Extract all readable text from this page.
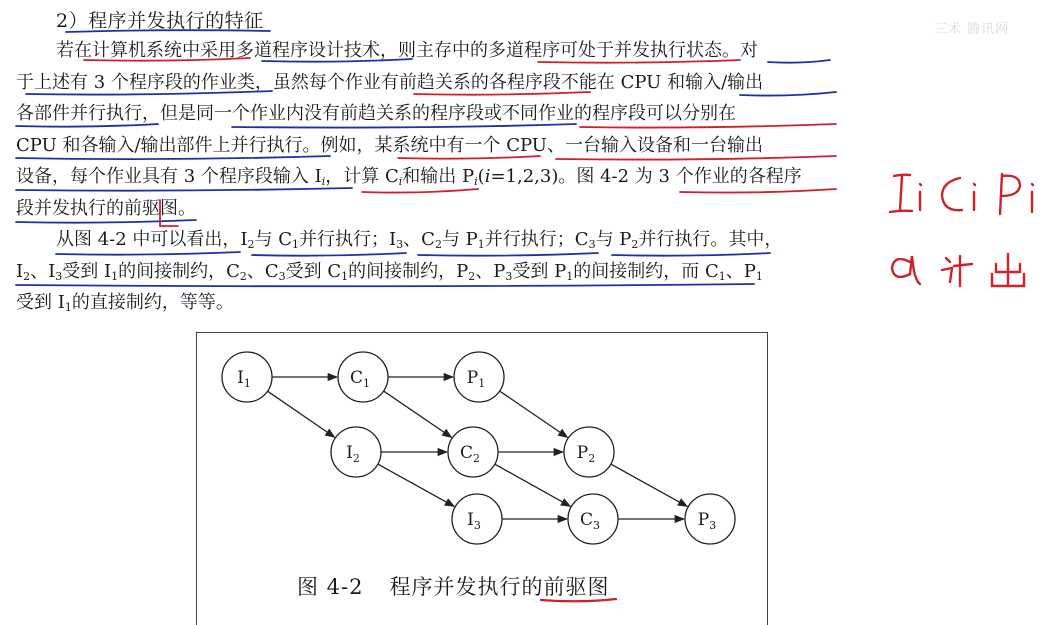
2）程序并发执行的特征	三术 腾讯网
若在计算机系统中采用多道程序设计技术，则主存中的多道程序可处于并发执行状态。对
于上述有 3 个程序段的作业类，虽然每个作业有前趋关系的各程序段不能在 CPU 和输入/输出
各部件并行执行，但是同一个作业内没有前趋关系的程序段或不同作业的程序段可以分别在
CPU 和各输入/输出部件上并行执行。例如，某系统中有一个 CPU、一台输入设备和一台输出
设备，每个作业具有 3 个程序段输入 $I_i$，计算 $C_i$和输出 $P_i(i=1,2,3)$。图 4-2 为 3 个作业的各程序
段并发执行的前驱图。
从图 4-2 中可以看出，$I_2$与 $C_1$并行执行；$I_3$、$C_2$与 $P_1$并行执行；$C_3$与 $P_2$并行执行。其中，
$I_2$、$I_3$受到 $I_1$的间接制约，$C_2$、$C_3$受到 $C_1$的间接制约，$P_2$、$P_3$受到 $P_1$的间接制约，而 $C_1$、$P_1$
受到 $I_1$的直接制约，等等。
$I_1$	$C_1$	$P_1$
$I_2$	$C_2$	$P_2$
$I_3$	$C_3$	$P_3$
图 4-2 程序并发执行的前驱图
